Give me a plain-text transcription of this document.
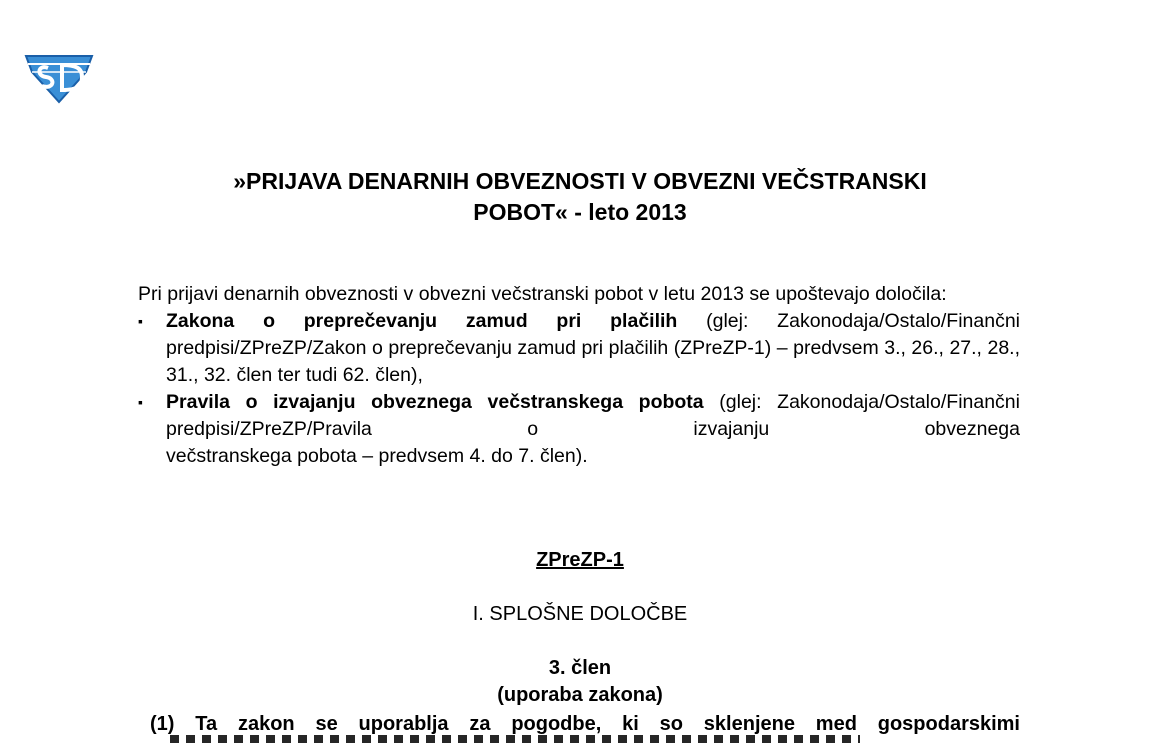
»PRIJAVA DENARNIH OBVEZNOSTI V OBVEZNI VEČSTRANSKI
POBOT« - leto 2013

Pri prijavi denarnih obveznosti v obvezni večstranski pobot v letu 2013 se upoštevajo določila:

▪ Zakona o preprečevanju zamud pri plačilih (glej: Zakonodaja/Ostalo/Finančni predpisi/ZPreZP/Zakon o preprečevanju zamud pri plačilih (ZPreZP-1) – predvsem 3., 26., 27., 28., 31., 32. člen ter tudi 62. člen),
▪ Pravila o izvajanju obveznega večstranskega pobota (glej: Zakonodaja/Ostalo/Finančni predpisi/ZPreZP/Pravila o izvajanju obveznega
večstranskega pobota – predvsem 4. do 7. člen).
ZPreZP-1
I. SPLOŠNE DOLOČBE
3. člen
(uporaba zakona)
(1) Ta zakon se uporablja za pogodbe, ki so sklenjene med gospodarskimi
